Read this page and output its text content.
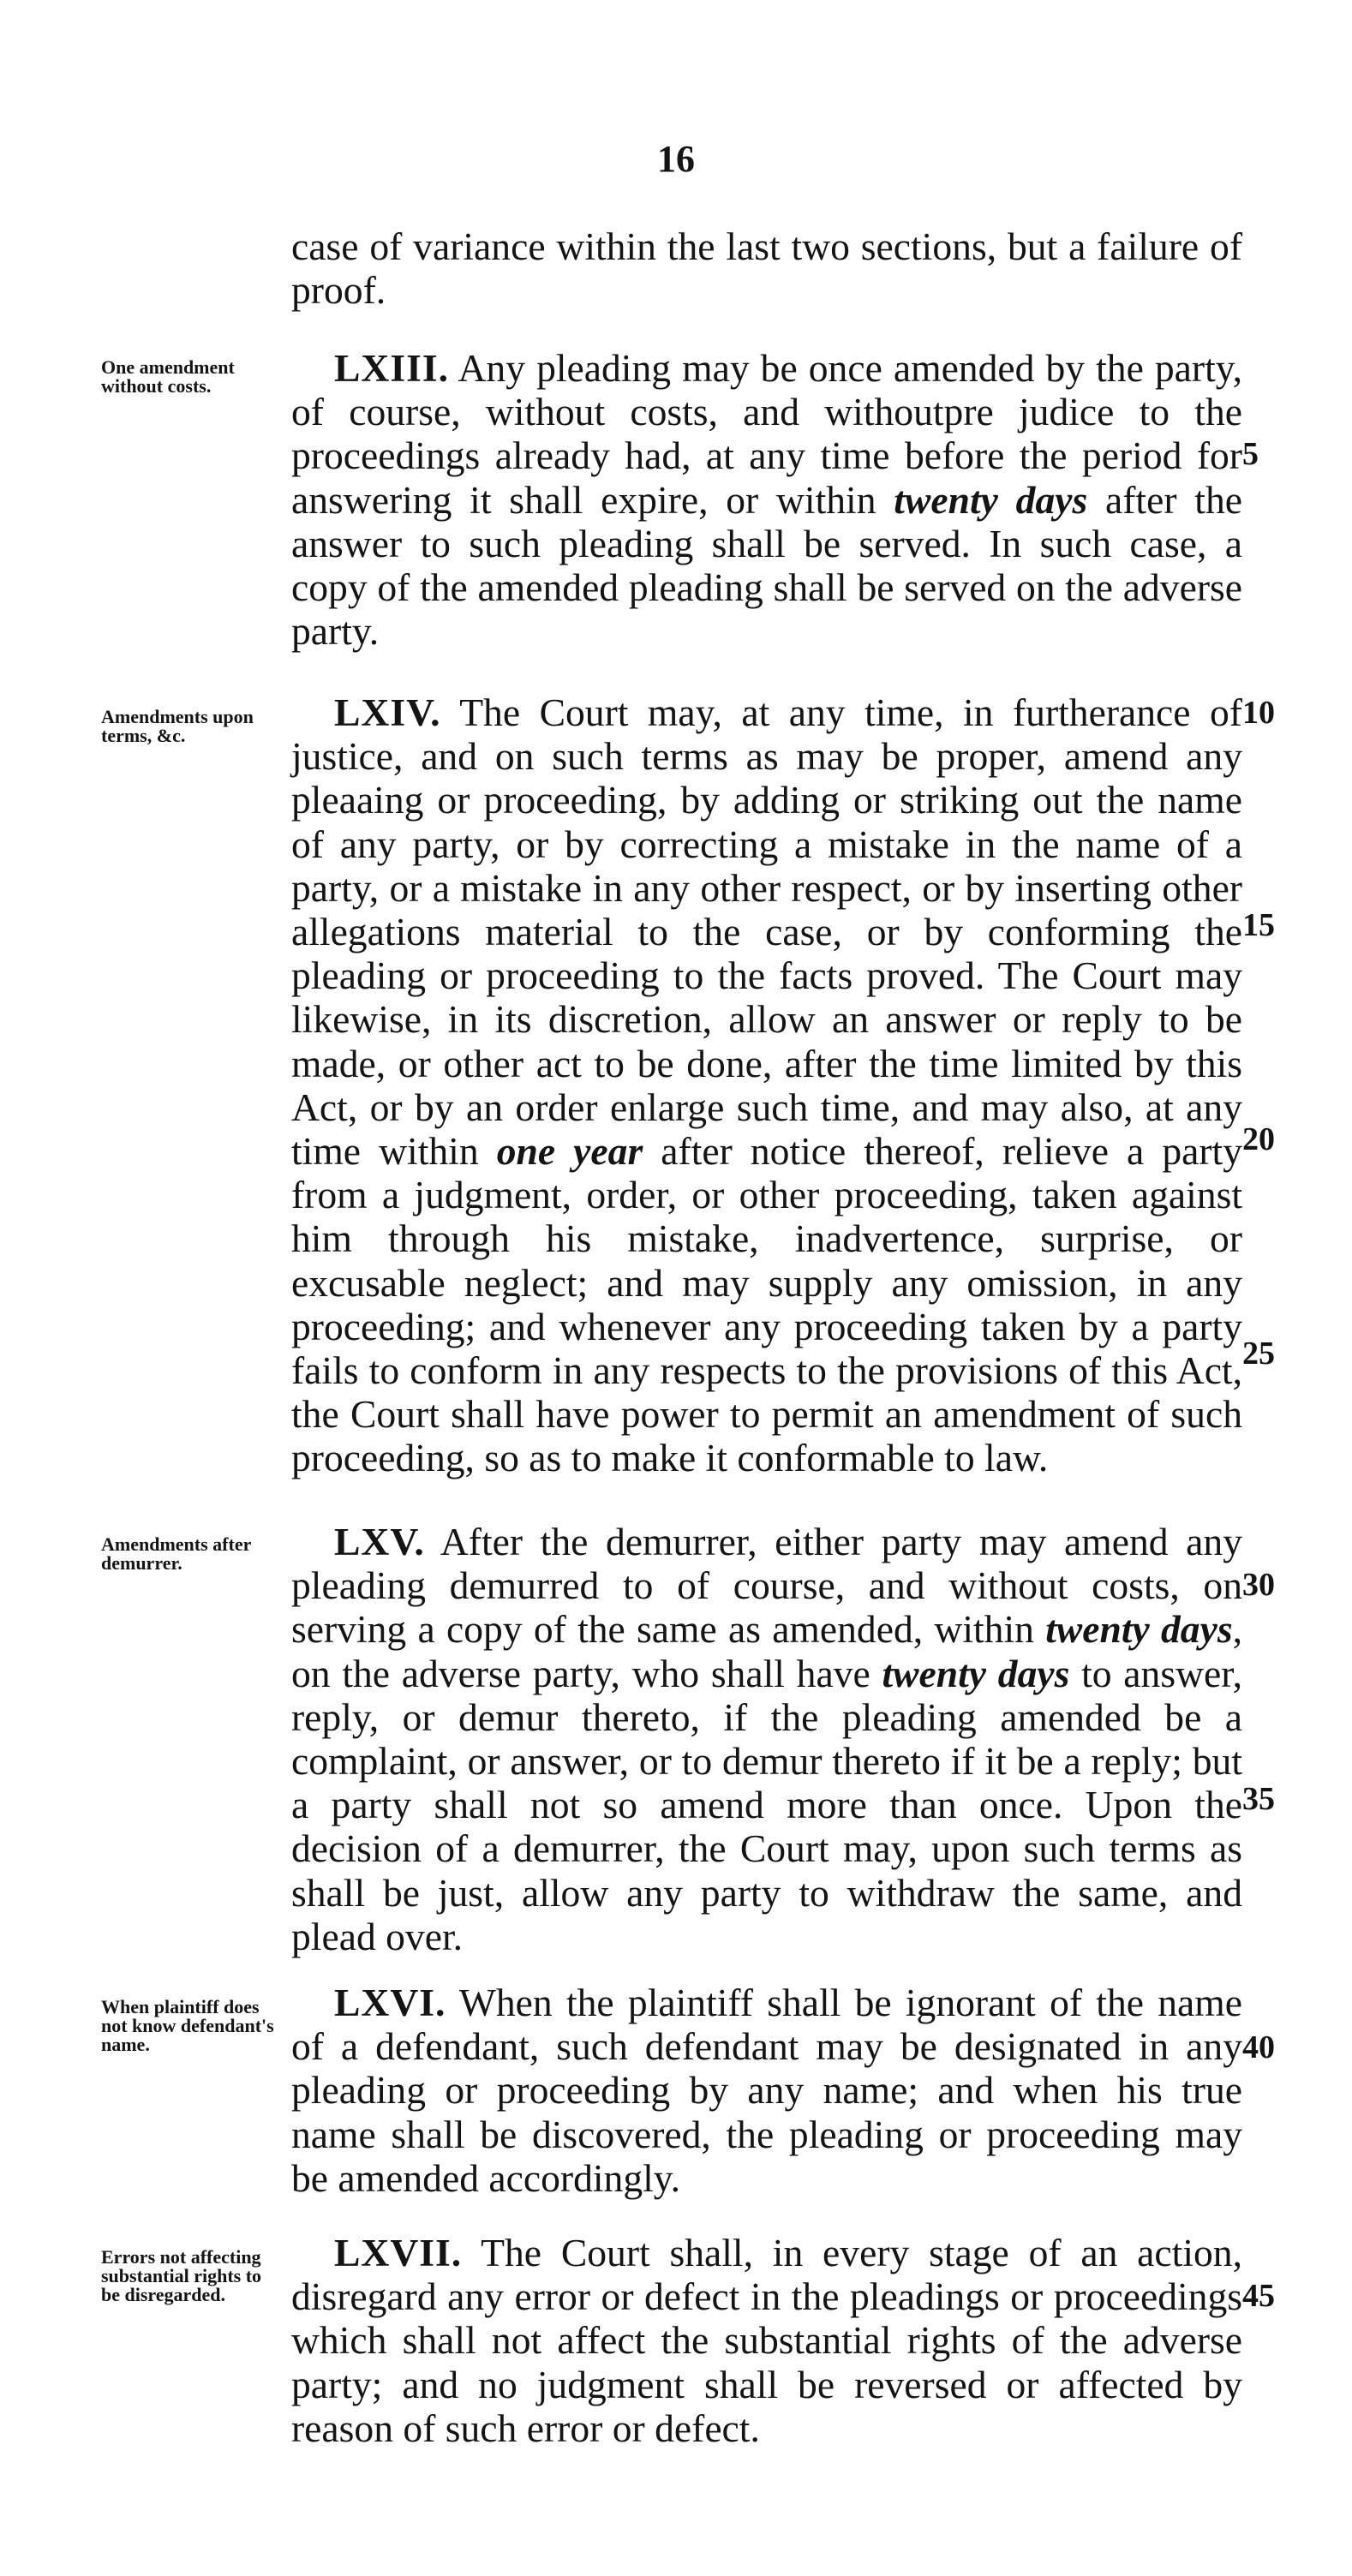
16
case of variance within the last two sections, but a failure of proof.
One amendment without costs.	LXIII. Any pleading may be once amended by the party, of course, without costs, and withoutpre judice to the proceedings already had, at any time before the period for answering it shall expire, or within twenty days after the answer to such pleading shall be served. In such case, a copy of the amended pleading shall be served on the adverse party.
Amendments upon terms, &c.
LXIV. The Court may, at any time, in furtherance of justice, and on such terms as may be proper, amend any pleaaing or proceeding, by adding or striking out the name of any party, or by correcting a mistake in the name of a party, or a mistake in any other respect, or by inserting other allegations material to the case, or by conforming the pleading or proceeding to the facts proved. The Court may likewise, in its discretion, allow an answer or reply to be made, or other act to be done, after the time limited by this Act, or by an order enlarge such time, and may also, at any time within one year after notice thereof, relieve a party from a judgment, order, or other proceeding, taken against him through his mistake, inadvertence, surprise, or excusable neglect; and may supply any omission, in any proceeding; and whenever any proceeding taken by a party fails to conform in any respects to the provisions of this Act, the Court shall have power to permit an amendment of such proceeding, so as to make it conformable to law.
Amendments after demurrer.	LXV. After the demurrer, either party may amend any pleading demurred to of course, and without costs, on serving a copy of the same as amended, within twenty days, on the adverse party, who shall have twenty days to answer, reply, or demur thereto, if the pleading amended be a complaint, or answer, or to demur thereto if it be a reply; but a party shall not so amend more than once. Upon the decision of a demurrer, the Court may, upon such terms as shall be just, allow any party to withdraw the same, and plead over.
When plaintiff does not know defendant's name.
LXVI. When the plaintiff shall be ignorant of the name of a defendant, such defendant may be designated in any pleading or proceeding by any name; and when his true name shall be discovered, the pleading or proceeding may be amended accordingly.
Errors not affecting substantial rights to be disregarded.
LXVII. The Court shall, in every stage of an action, disregard any error or defect in the pleadings or proceedings which shall not affect the substantial rights of the adverse party; and no judgment shall be reversed or affected by reason of such error or defect.
5
10
15
20
25
30
35
40
45
